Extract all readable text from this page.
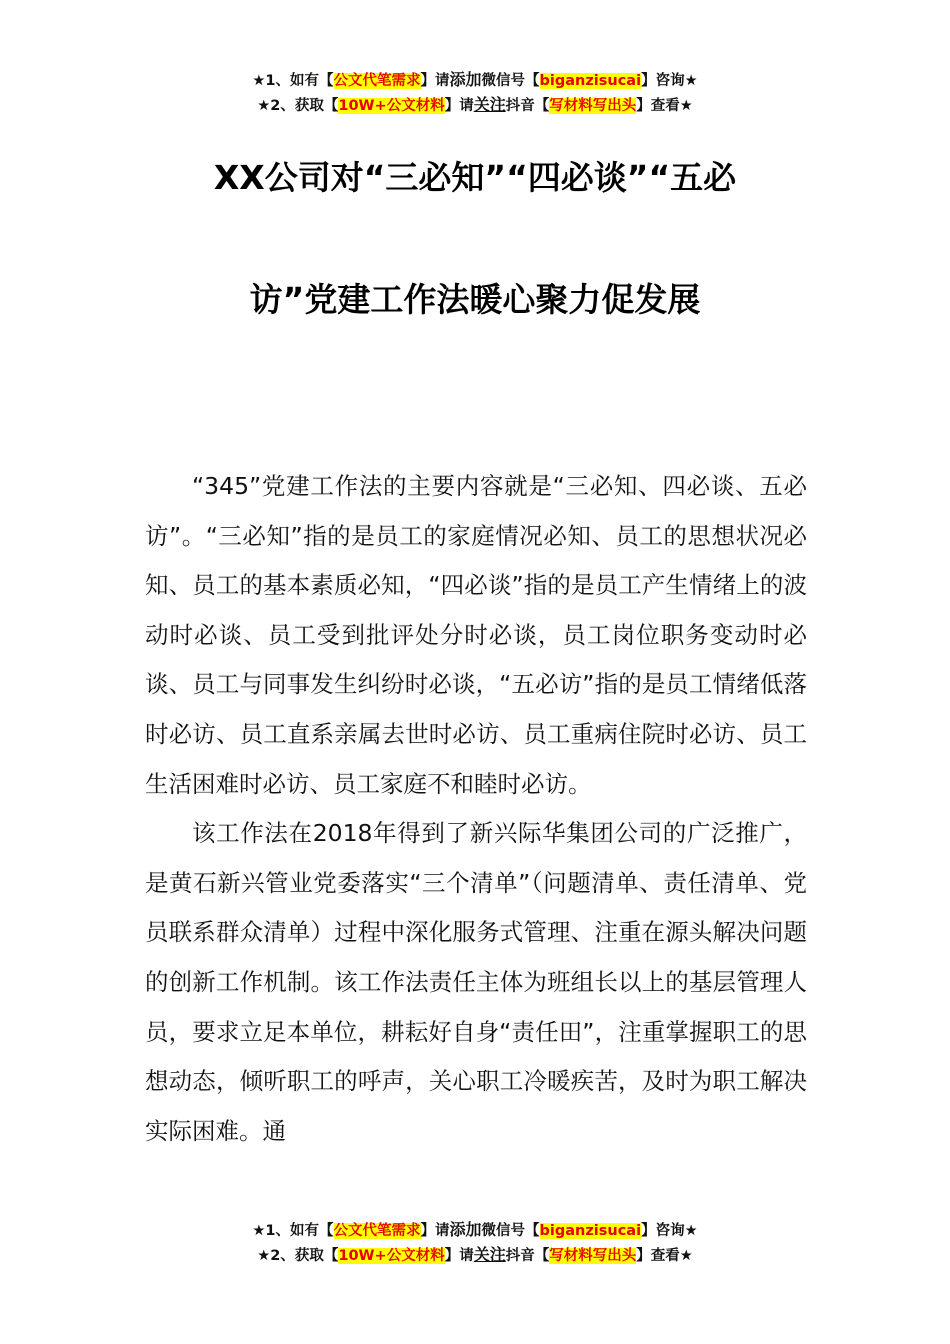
★1、如有【公文代笔需求】请添加微信号【biganzisucai】咨询★
★2、获取【10W+公文材料】请关注抖音【写材料写出头】查看★
XX公司对“三必知”“四必谈”“五必
访”党建工作法暖心聚力促发展

“345”党建工作法的主要内容就是“三必知、四必谈、五必访”。“三必知”指的是员工的家庭情况必知、员工的思想状况必知、员工的基本素质必知，“四必谈”指的是员工产生情绪上的波动时必谈、员工受到批评处分时必谈，员工岗位职务变动时必谈、员工与同事发生纠纷时必谈，“五必访”指的是员工情绪低落时必访、员工直系亲属去世时必访、员工重病住院时必访、员工生活困难时必访、员工家庭不和睦时必访。

该工作法在2018年得到了新兴际华集团公司的广泛推广，是黄石新兴管业党委落实“三个清单”（问题清单、责任清单、党员联系群众清单）过程中深化服务式管理、注重在源头解决问题的创新工作机制。该工作法责任主体为班组长以上的基层管理人员，要求立足本单位，耕耘好自身“责任田”，注重掌握职工的思想动态，倾听职工的呼声，关心职工冷暖疾苦，及时为职工解决实际困难。通

★1、如有【公文代笔需求】请添加微信号【biganzisucai】咨询★
★2、获取【10W+公文材料】请关注抖音【写材料写出头】查看★
